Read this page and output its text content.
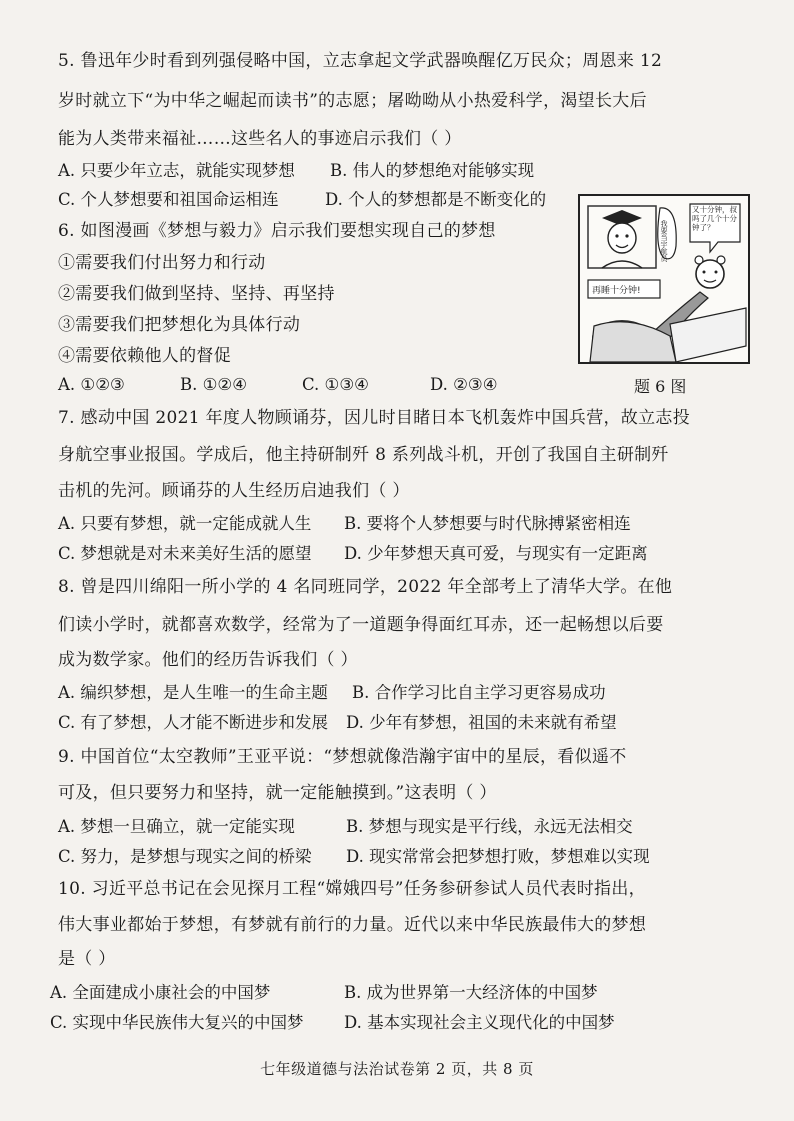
5. 鲁迅年少时看到列强侵略中国，立志拿起文学武器唤醒亿万民众；周恩来 12
岁时就立下“为中华之崛起而读书”的志愿；屠呦呦从小热爱科学，渴望长大后
能为人类带来福祉……这些名人的事迹启示我们（ ）
A. 只要少年立志，就能实现梦想 B. 伟人的梦想绝对能够实现
C. 个人梦想要和祖国命运相连	D. 个人的梦想都是不断变化的
6. 如图漫画《梦想与毅力》启示我们要想实现自己的梦想
①需要我们付出努力和行动
②需要我们做到坚持、坚持、再坚持
③需要我们把梦想化为具体行动
④需要依赖他人的督促
A. ①②③	B. ①②④	C. ①③④	D. ②③④	题 6 图
我要当宇航员
又十分钟，叔吗了几个十分钟了？
再睡十分钟!
7. 感动中国 2021 年度人物顾诵芬，因儿时目睹日本飞机轰炸中国兵营，故立志投
身航空事业报国。学成后，他主持研制歼 8 系列战斗机，开创了我国自主研制歼
击机的先河。顾诵芬的人生经历启迪我们（ ）
A. 只要有梦想，就一定能成就人生 B. 要将个人梦想要与时代脉搏紧密相连
C. 梦想就是对未来美好生活的愿望 D. 少年梦想天真可爱，与现实有一定距离
8. 曾是四川绵阳一所小学的 4 名同班同学，2022 年全部考上了清华大学。在他
们读小学时，就都喜欢数学，经常为了一道题争得面红耳赤，还一起畅想以后要
成为数学家。他们的经历告诉我们（ ）
A. 编织梦想，是人生唯一的生命主题 B. 合作学习比自主学习更容易成功
C. 有了梦想，人才能不断进步和发展 D. 少年有梦想，祖国的未来就有希望
9. 中国首位“太空教师”王亚平说：“梦想就像浩瀚宇宙中的星辰，看似遥不
可及，但只要努力和坚持，就一定能触摸到。”这表明（ ）
A. 梦想一旦确立，就一定能实现	B. 梦想与现实是平行线，永远无法相交
C. 努力，是梦想与现实之间的桥梁 D. 现实常常会把梦想打败，梦想难以实现
10. 习近平总书记在会见探月工程“嫦娥四号”任务参研参试人员代表时指出，
伟大事业都始于梦想，有梦就有前行的力量。近代以来中华民族最伟大的梦想
是（ ）
A. 全面建成小康社会的中国梦	B. 成为世界第一大经济体的中国梦
C. 实现中华民族伟大复兴的中国梦 D. 基本实现社会主义现代化的中国梦
七年级道德与法治试卷第 2 页，共 8 页
